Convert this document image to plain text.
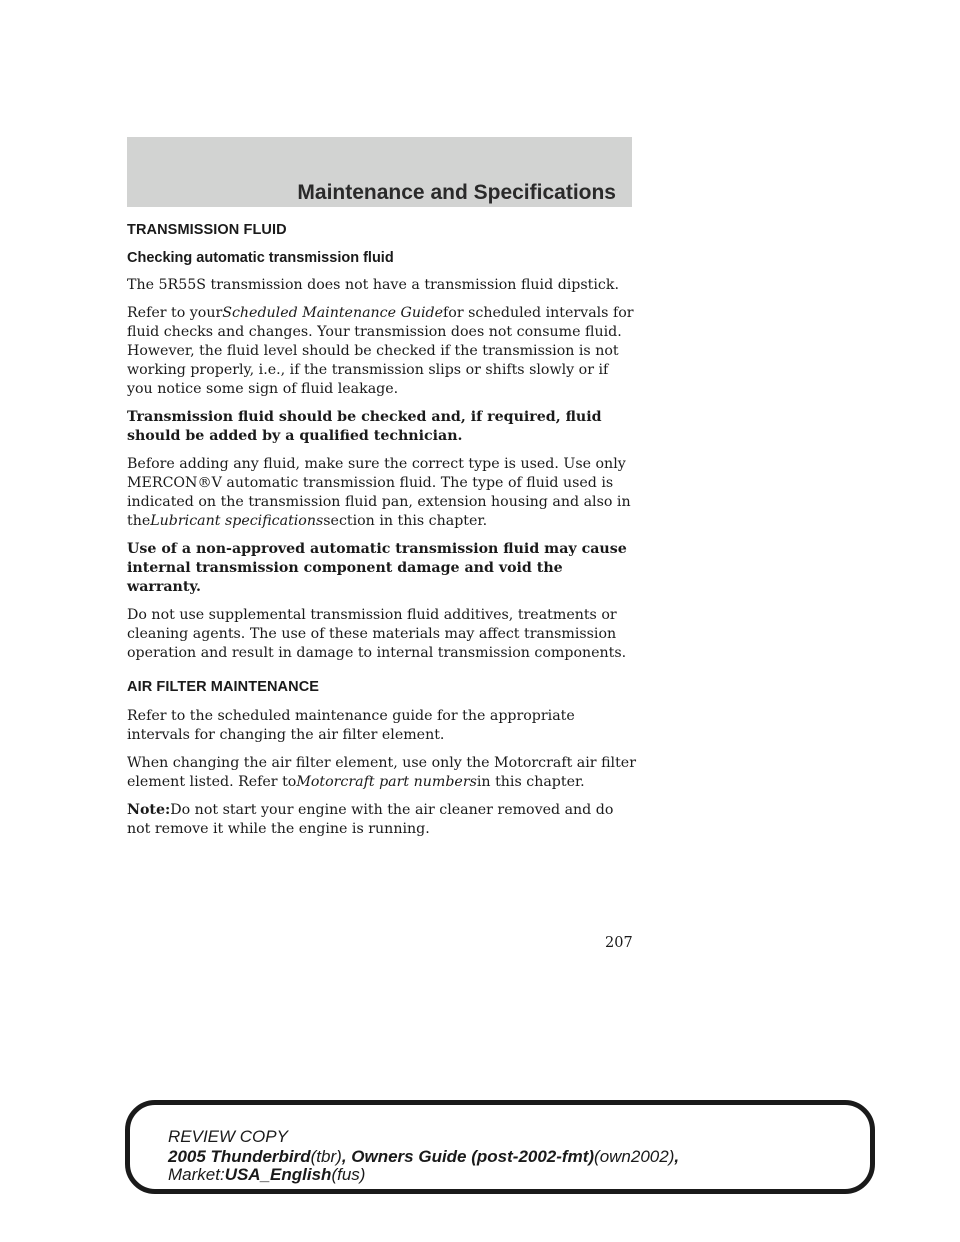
Maintenance and Specifications
TRANSMISSION FLUID
Checking automatic transmission fluid

The 5R55S transmission does not have a transmission fluid dipstick.

Refer to yourScheduled Maintenance Guidefor scheduled intervals for fluid checks and changes. Your transmission does not consume fluid. However, the fluid level should be checked if the transmission is not working properly, i.e., if the transmission slips or shifts slowly or if you notice some sign of fluid leakage.

Transmission fluid should be checked and, if required, fluid should be added by a qualified technician.

Before adding any fluid, make sure the correct type is used. Use only MERCON®V automatic transmission fluid. The type of fluid used is indicated on the transmission fluid pan, extension housing and also in theLubricant specificationssection in this chapter.

Use of a non-approved automatic transmission fluid may cause internal transmission component damage and void the warranty.

Do not use supplemental transmission fluid additives, treatments or cleaning agents. The use of these materials may affect transmission operation and result in damage to internal transmission components.

AIR FILTER MAINTENANCE

Refer to the scheduled maintenance guide for the appropriate intervals for changing the air filter element.

When changing the air filter element, use only the Motorcraft air filter element listed. Refer toMotorcraft part numbersin this chapter.

Note:Do not start your engine with the air cleaner removed and do not remove it while the engine is running.

207
REVIEW COPY
2005 Thunderbird(tbr), Owners Guide (post-2002-fmt)(own2002),
Market:USA_English(fus)
